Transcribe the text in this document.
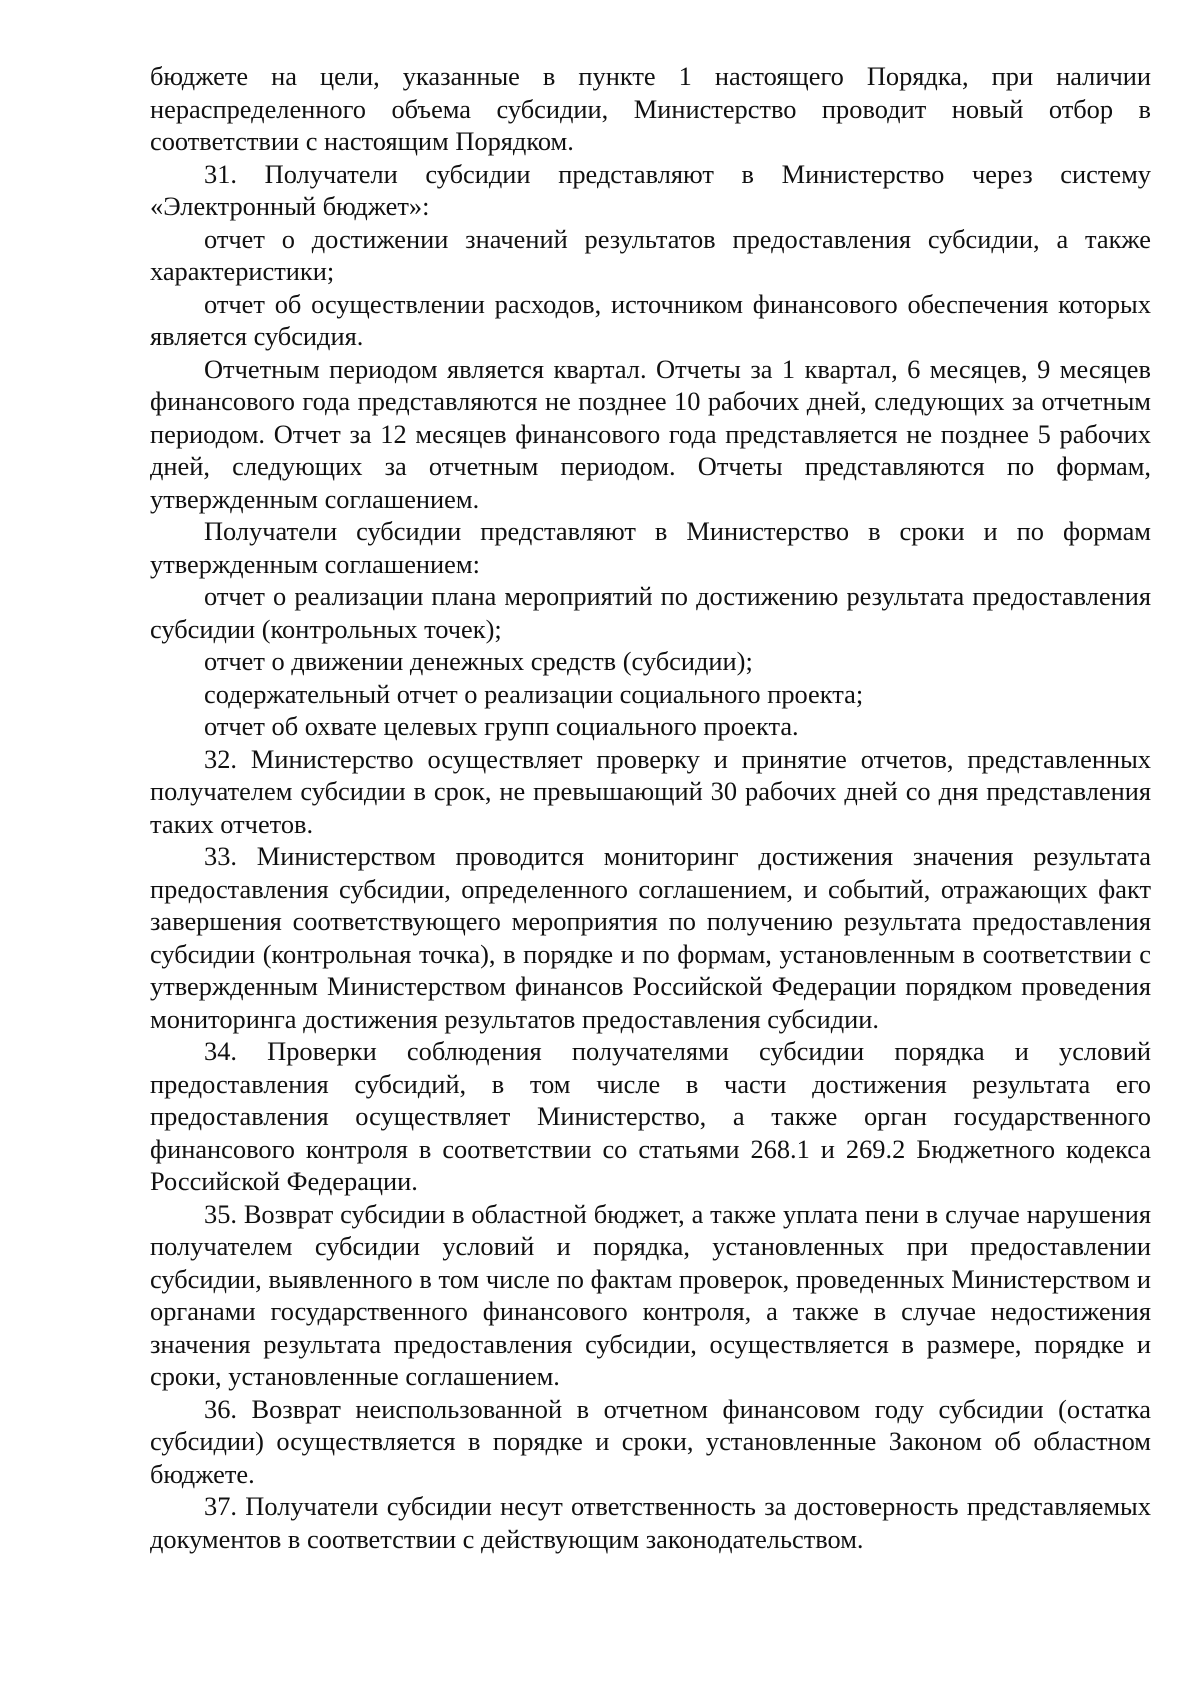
бюджете на цели, указанные в пункте 1 настоящего Порядка, при наличии нераспределенного объема субсидии, Министерство проводит новый отбор в соответствии с настоящим Порядком.

31. Получатели субсидии представляют в Министерство через систему «Электронный бюджет»:

отчет о достижении значений результатов предоставления субсидии, а также характеристики;

отчет об осуществлении расходов, источником финансового обеспечения которых является субсидия.

Отчетным периодом является квартал. Отчеты за 1 квартал, 6 месяцев, 9 месяцев финансового года представляются не позднее 10 рабочих дней, следующих за отчетным периодом. Отчет за 12 месяцев финансового года представляется не позднее 5 рабочих дней, следующих за отчетным периодом. Отчеты представляются по формам, утвержденным соглашением.

Получатели субсидии представляют в Министерство в сроки и по формам утвержденным соглашением:

отчет о реализации плана мероприятий по достижению результата предоставления субсидии (контрольных точек);

отчет о движении денежных средств (субсидии);

содержательный отчет о реализации социального проекта;

отчет об охвате целевых групп социального проекта.

32. Министерство осуществляет проверку и принятие отчетов, представленных получателем субсидии в срок, не превышающий 30 рабочих дней со дня представления таких отчетов.

33. Министерством проводится мониторинг достижения значения результата предоставления субсидии, определенного соглашением, и событий, отражающих факт завершения соответствующего мероприятия по получению результата предоставления субсидии (контрольная точка), в порядке и по формам, установленным в соответствии с утвержденным Министерством финансов Российской Федерации порядком проведения мониторинга достижения результатов предоставления субсидии.

34. Проверки соблюдения получателями субсидии порядка и условий предоставления субсидий, в том числе в части достижения результата его предоставления осуществляет Министерство, а также орган государственного финансового контроля в соответствии со статьями 268.1 и 269.2 Бюджетного кодекса Российской Федерации.

35. Возврат субсидии в областной бюджет, а также уплата пени в случае нарушения получателем субсидии условий и порядка, установленных при предоставлении субсидии, выявленного в том числе по фактам проверок, проведенных Министерством и органами государственного финансового контроля, а также в случае недостижения значения результата предоставления субсидии, осуществляется в размере, порядке и сроки, установленные соглашением.

36. Возврат неиспользованной в отчетном финансовом году субсидии (остатка субсидии) осуществляется в порядке и сроки, установленные Законом об областном бюджете.

37. Получатели субсидии несут ответственность за достоверность представляемых документов в соответствии с действующим законодательством.
